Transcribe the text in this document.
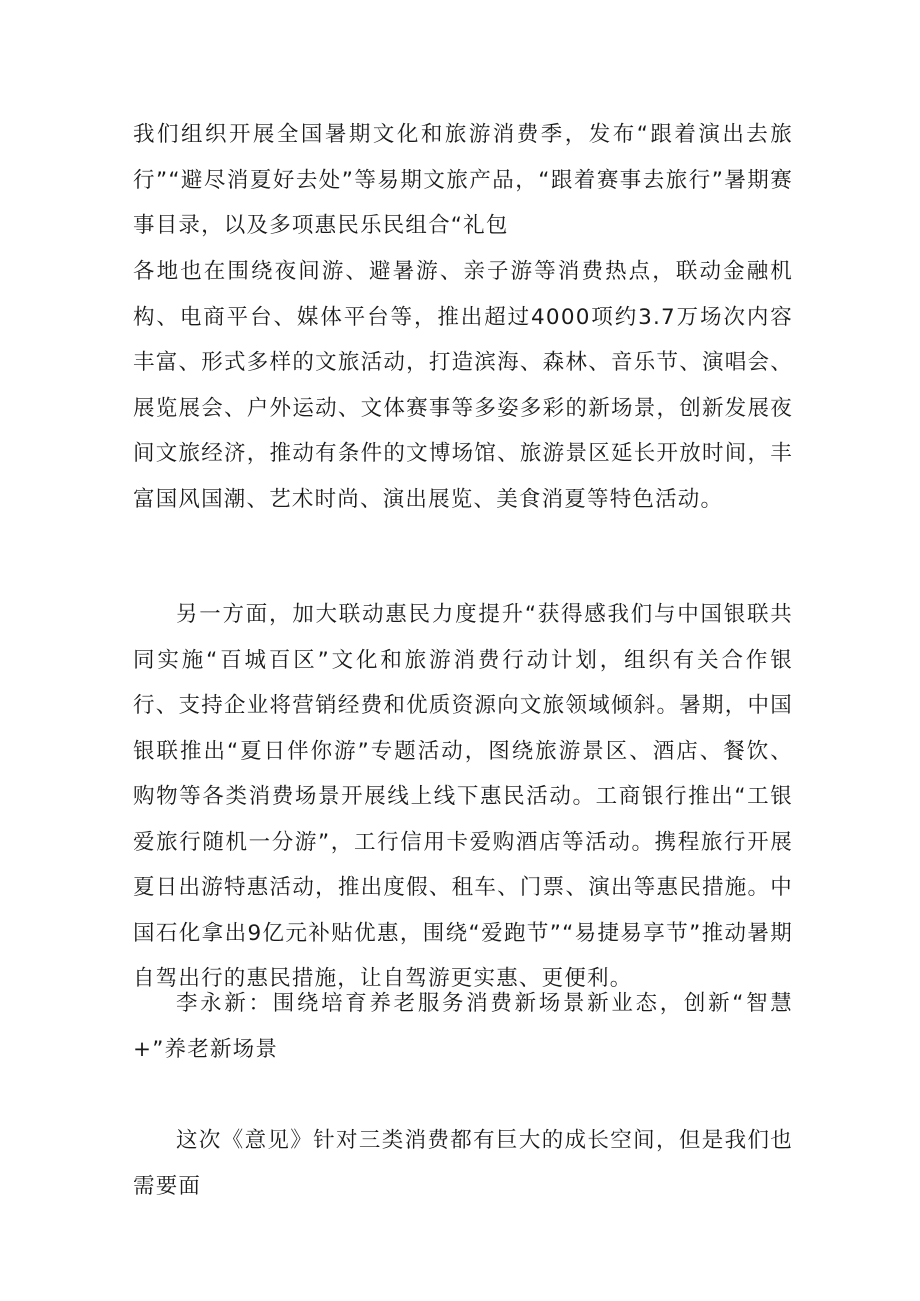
我们组织开展全国暑期文化和旅游消费季，发布“跟着演出去旅行”“避尽消夏好去处”等易期文旅产品，“跟着赛事去旅行”暑期赛事目录，以及多项惠民乐民组合“礼包

各地也在围绕夜间游、避暑游、亲子游等消费热点，联动金融机构、电商平台、媒体平台等，推出超过4000项约3.7万场次内容丰富、形式多样的文旅活动，打造滨海、森林、音乐节、演唱会、展览展会、户外运动、文体赛事等多姿多彩的新场景，创新发展夜间文旅经济，推动有条件的文博场馆、旅游景区延长开放时间，丰富国风国潮、艺术时尚、演出展览、美食消夏等特色活动。

另一方面，加大联动惠民力度提升“获得感我们与中国银联共同实施“百城百区”文化和旅游消费行动计划，组织有关合作银行、支持企业将营销经费和优质资源向文旅领域倾斜。暑期，中国银联推出“夏日伴你游”专题活动，图绕旅游景区、酒店、餐饮、购物等各类消费场景开展线上线下惠民活动。工商银行推出“工银爱旅行随机一分游”，工行信用卡爱购酒店等活动。携程旅行开展夏日出游特惠活动，推出度假、租车、门票、演出等惠民措施。中国石化拿出9亿元补贴优惠，围绕“爱跑节”“易捷易享节”推动暑期自驾出行的惠民措施，让自驾游更实惠、更便利。

李永新：围绕培育养老服务消费新场景新业态，创新“智慧+”养老新场景

这次《意见》针对三类消费都有巨大的成长空间，但是我们也需要面
